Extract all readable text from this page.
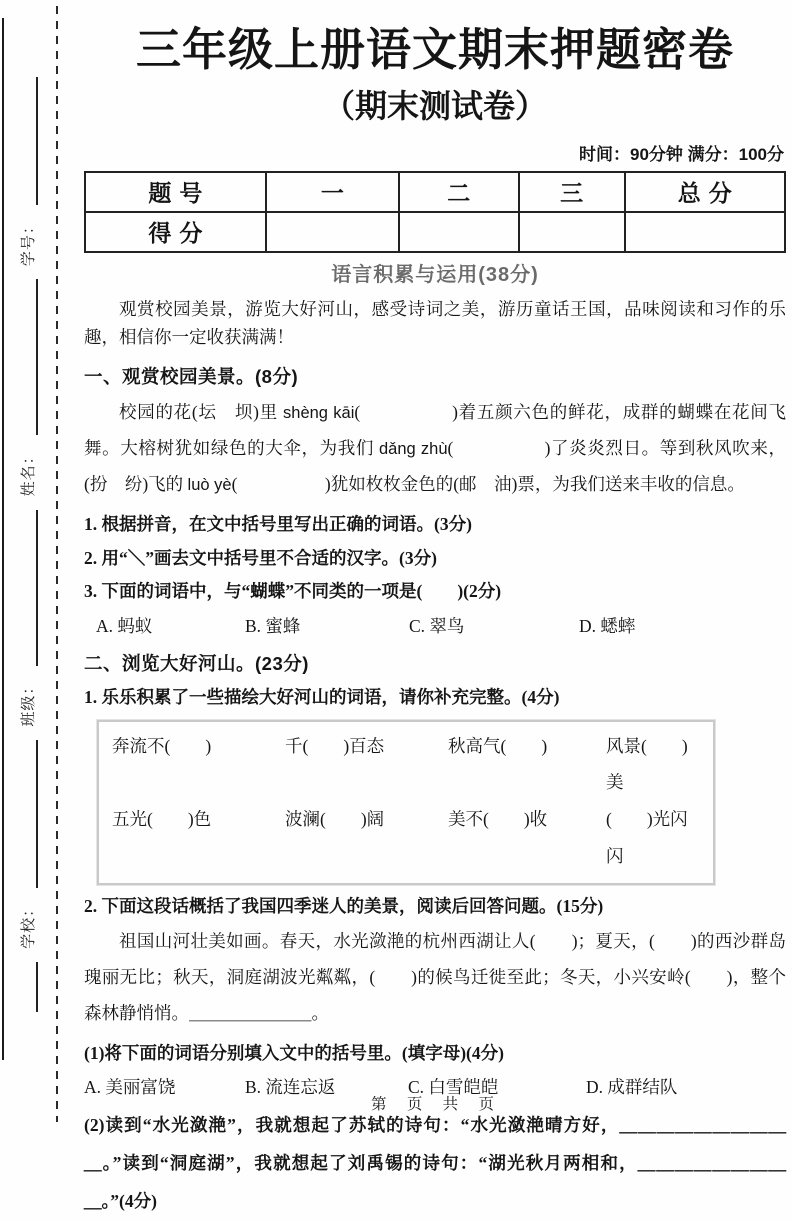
学校：
班级：
姓名：
学号：
三年级上册语文期末押题密卷
（期末测试卷）
时间：90分钟 满分：100分
题号	一	二	三	总分
得分				
语言积累与运用(38分)

观赏校园美景，游览大好河山，感受诗词之美，游历童话王国，品味阅读和习作的乐趣，相信你一定收获满满！

一、观赏校园美景。(8分)

校园的花(坛　坝)里 shèng kāi(　　　　　)着五颜六色的鲜花，成群的蝴蝶在花间飞舞。大榕树犹如绿色的大伞，为我们 dǎng zhù(　　　　　)了炎炎烈日。等到秋风吹来，(扮　纷)飞的 luò yè(　　　　　)犹如枚枚金色的(邮　油)票，为我们送来丰收的信息。

1. 根据拼音，在文中括号里写出正确的词语。(3分)
2. 用“＼”画去文中括号里不合适的汉字。(3分)
3. 下面的词语中，与“蝴蝶”不同类的一项是(　　)(2分)
A. 蚂蚁	B. 蜜蜂	C. 翠鸟	D. 蟋蟀
二、浏览大好河山。(23分)
1. 乐乐积累了一些描绘大好河山的词语，请你补充完整。(4分)
奔流不(　　)	千(　　)百态	秋高气(　　)	风景(　　)美
五光(　　)色	波澜(　　)阔	美不(　　)收	(　　)光闪闪
2. 下面这段话概括了我国四季迷人的美景，阅读后回答问题。(15分)

祖国山河壮美如画。春天，水光潋滟的杭州西湖让人(　　)；夏天，(　　)的西沙群岛瑰丽无比；秋天，洞庭湖波光粼粼，(　　)的候鸟迁徙至此；冬天，小兴安岭(　　)，整个森林静悄悄。＿＿＿＿＿＿＿。

(1)将下面的词语分别填入文中的括号里。(填字母)(4分)
A. 美丽富饶	B. 流连忘返	C. 白雪皑皑	D. 成群结队
(2)读到“水光潋滟”，我就想起了苏轼的诗句：“水光潋滟晴方好，＿＿＿＿＿＿＿＿＿＿。”读到“洞庭湖”，我就想起了刘禹锡的诗句：“湖光秋月两相和，＿＿＿＿＿＿＿＿＿。”(4分)
第 页 共 页
